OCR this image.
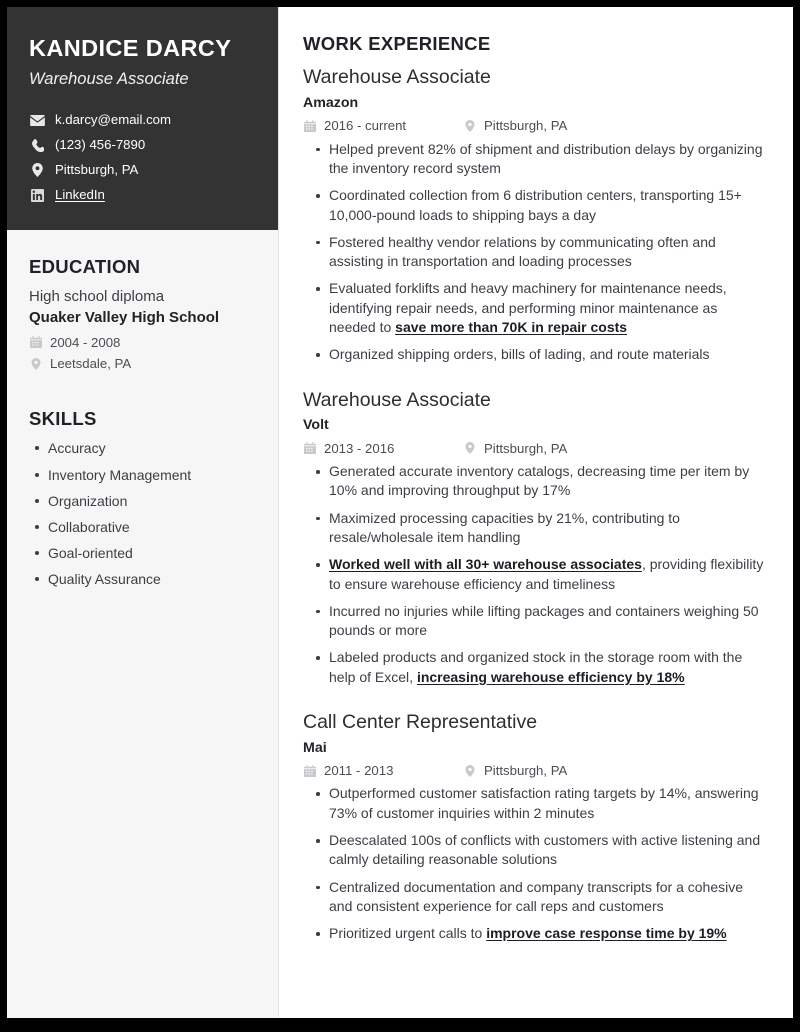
KANDICE DARCY
Warehouse Associate
k.darcy@email.com
(123) 456-7890
Pittsburgh, PA
LinkedIn
EDUCATION
High school diploma
Quaker Valley High School
2004 - 2008
Leetsdale, PA
SKILLS
Accuracy
Inventory Management
Organization
Collaborative
Goal-oriented
Quality Assurance
WORK EXPERIENCE
Warehouse Associate
Amazon
2016 - current	Pittsburgh, PA
Helped prevent 82% of shipment and distribution delays by organizing the inventory record system
Coordinated collection from 6 distribution centers, transporting 15+ 10,000-pound loads to shipping bays a day
Fostered healthy vendor relations by communicating often and assisting in transportation and loading processes
Evaluated forklifts and heavy machinery for maintenance needs, identifying repair needs, and performing minor maintenance as needed to save more than 70K in repair costs
Organized shipping orders, bills of lading, and route materials
Warehouse Associate
Volt
2013 - 2016	Pittsburgh, PA
Generated accurate inventory catalogs, decreasing time per item by 10% and improving throughput by 17%
Maximized processing capacities by 21%, contributing to resale/wholesale item handling
Worked well with all 30+ warehouse associates, providing flexibility to ensure warehouse efficiency and timeliness
Incurred no injuries while lifting packages and containers weighing 50 pounds or more
Labeled products and organized stock in the storage room with the help of Excel, increasing warehouse efficiency by 18%
Call Center Representative
Mai
2011 - 2013	Pittsburgh, PA
Outperformed customer satisfaction rating targets by 14%, answering 73% of customer inquiries within 2 minutes
Deescalated 100s of conflicts with customers with active listening and calmly detailing reasonable solutions
Centralized documentation and company transcripts for a cohesive and consistent experience for call reps and customers
Prioritized urgent calls to improve case response time by 19%
